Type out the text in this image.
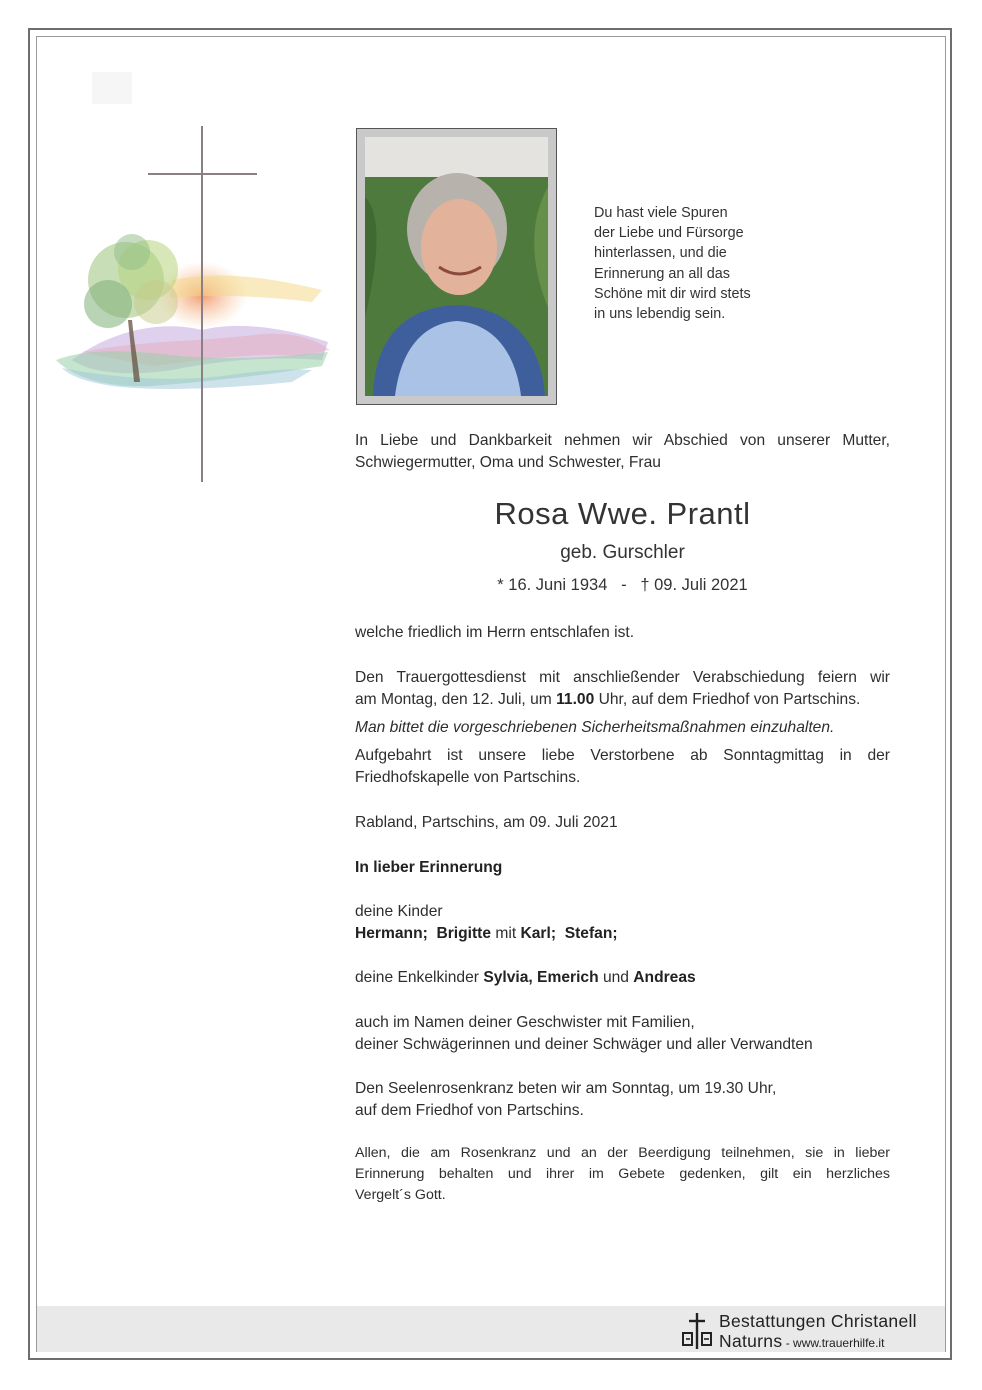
Du hast viele Spuren
der Liebe und Fürsorge
hinterlassen, und die
Erinnerung an all das
Schöne mit dir wird stets
in uns lebendig sein.
In Liebe und Dankbarkeit nehmen wir Abschied von unserer Mutter,
Schwiegermutter, Oma und Schwester, Frau
Rosa Wwe. Prantl
geb. Gurschler
* 16. Juni 1934   -   † 09. Juli 2021
welche friedlich im Herrn entschlafen ist.
Den Trauergottesdienst mit anschließender Verabschiedung feiern wir
am Montag, den 12. Juli, um 11.00 Uhr, auf dem Friedhof von Partschins.
Man bittet die vorgeschriebenen Sicherheitsmaßnahmen einzuhalten.
Aufgebahrt ist unsere liebe Verstorbene ab Sonntagmittag in der
Friedhofskapelle von Partschins.
Rabland, Partschins, am 09. Juli 2021
In lieber Erinnerung
deine Kinder
Hermann;  Brigitte mit Karl;  Stefan;
deine Enkelkinder Sylvia, Emerich und Andreas
auch im Namen deiner Geschwister mit Familien,
deiner Schwägerinnen und deiner Schwäger und aller Verwandten
Den Seelenrosenkranz beten wir am Sonntag, um 19.30 Uhr,
auf dem Friedhof von Partschins.
Allen, die am Rosenkranz und an der Beerdigung teilnehmen, sie in lieber
Erinnerung behalten und ihrer im Gebete gedenken, gilt ein herzliches
Vergelt´s Gott.
Bestattungen Christanell
Naturns - www.trauerhilfe.it
